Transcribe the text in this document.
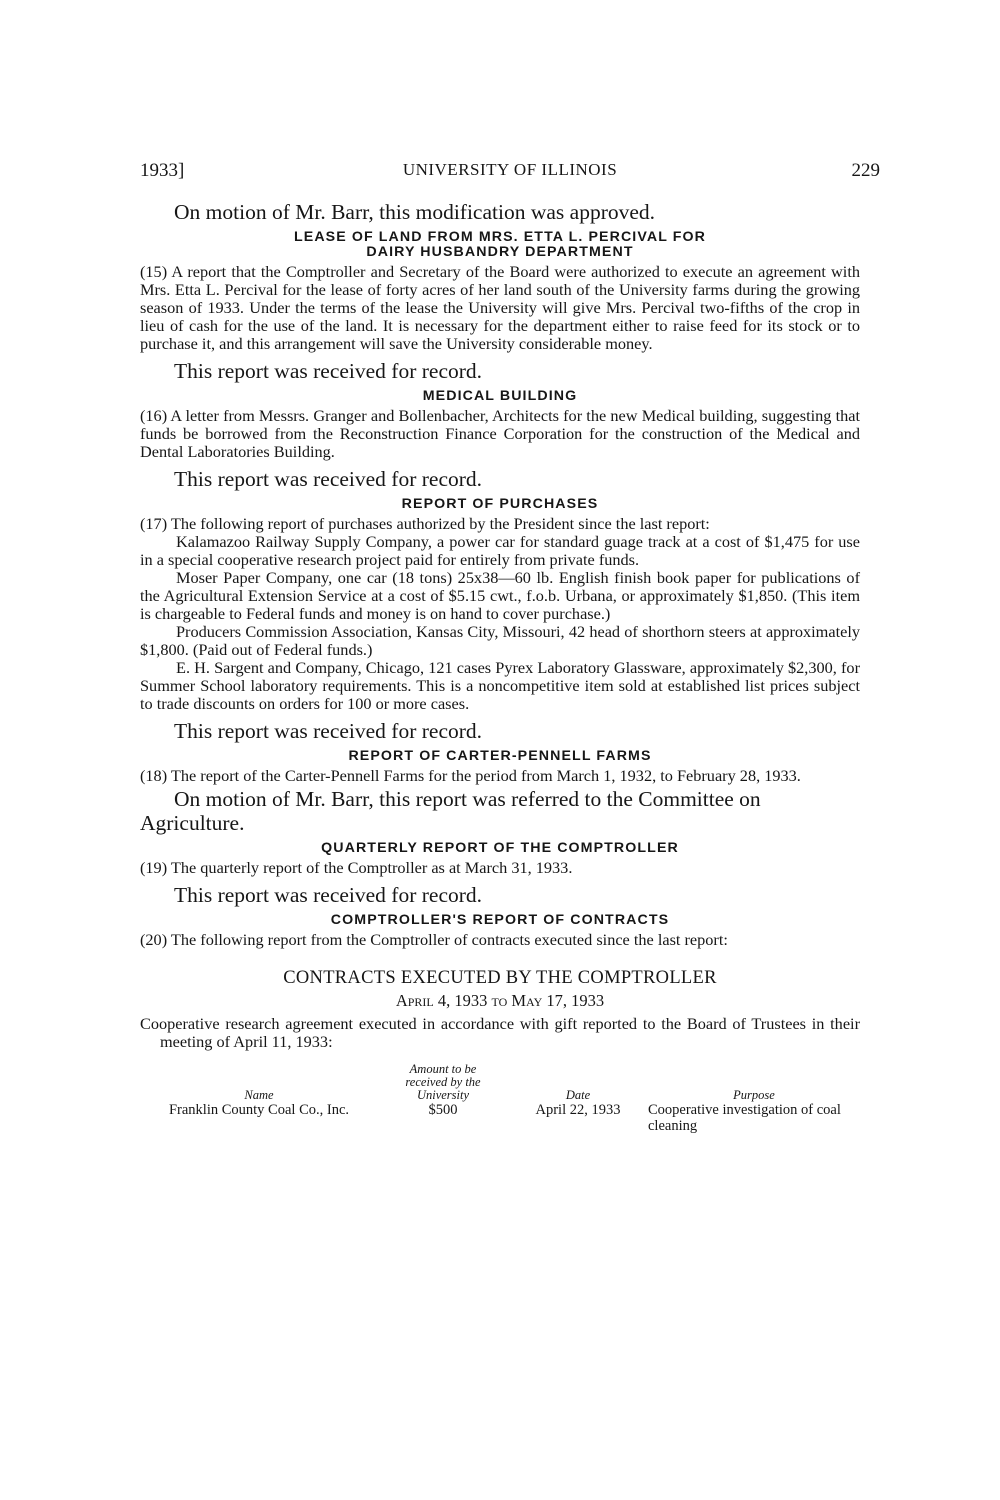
1933]	UNIVERSITY OF ILLINOIS	229

On motion of Mr. Barr, this modification was approved.

LEASE OF LAND FROM MRS. ETTA L. PERCIVAL FOR
DAIRY HUSBANDRY DEPARTMENT

(15) A report that the Comptroller and Secretary of the Board were authorized to execute an agreement with Mrs. Etta L. Percival for the lease of forty acres of her land south of the University farms during the growing season of 1933. Under the terms of the lease the University will give Mrs. Percival two-fifths of the crop in lieu of cash for the use of the land. It is necessary for the department either to raise feed for its stock or to purchase it, and this arrangement will save the University considerable money.

This report was received for record.

MEDICAL BUILDING

(16) A letter from Messrs. Granger and Bollenbacher, Architects for the new Medical building, suggesting that funds be borrowed from the Reconstruction Finance Corporation for the construction of the Medical and Dental Laboratories Building.

This report was received for record.

REPORT OF PURCHASES

(17) The following report of purchases authorized by the President since the last report:

Kalamazoo Railway Supply Company, a power car for standard guage track at a cost of $1,475 for use in a special cooperative research project paid for entirely from private funds.

Moser Paper Company, one car (18 tons) 25x38—60 lb. English finish book paper for publications of the Agricultural Extension Service at a cost of $5.15 cwt., f.o.b. Urbana, or approximately $1,850. (This item is chargeable to Federal funds and money is on hand to cover purchase.)

Producers Commission Association, Kansas City, Missouri, 42 head of shorthorn steers at approximately $1,800. (Paid out of Federal funds.)

E. H. Sargent and Company, Chicago, 121 cases Pyrex Laboratory Glassware, approximately $2,300, for Summer School laboratory requirements. This is a noncompetitive item sold at established list prices subject to trade discounts on orders for 100 or more cases.

This report was received for record.

REPORT OF CARTER-PENNELL FARMS

(18) The report of the Carter-Pennell Farms for the period from March 1, 1932, to February 28, 1933.

On motion of Mr. Barr, this report was referred to the Committee on Agriculture.

QUARTERLY REPORT OF THE COMPTROLLER

(19) The quarterly report of the Comptroller as at March 31, 1933.

This report was received for record.

COMPTROLLER'S REPORT OF CONTRACTS

(20) The following report from the Comptroller of contracts executed since the last report:

CONTRACTS EXECUTED BY THE COMPTROLLER
April 4, 1933 to May 17, 1933

Cooperative research agreement executed in accordance with gift reported to the Board of Trustees in their meeting of April 11, 1933:

Name	Amount to be
received by the
University	Date	Purpose
Franklin County Coal Co., Inc.	$500	April 22, 1933	Cooperative investigation of coal cleaning
